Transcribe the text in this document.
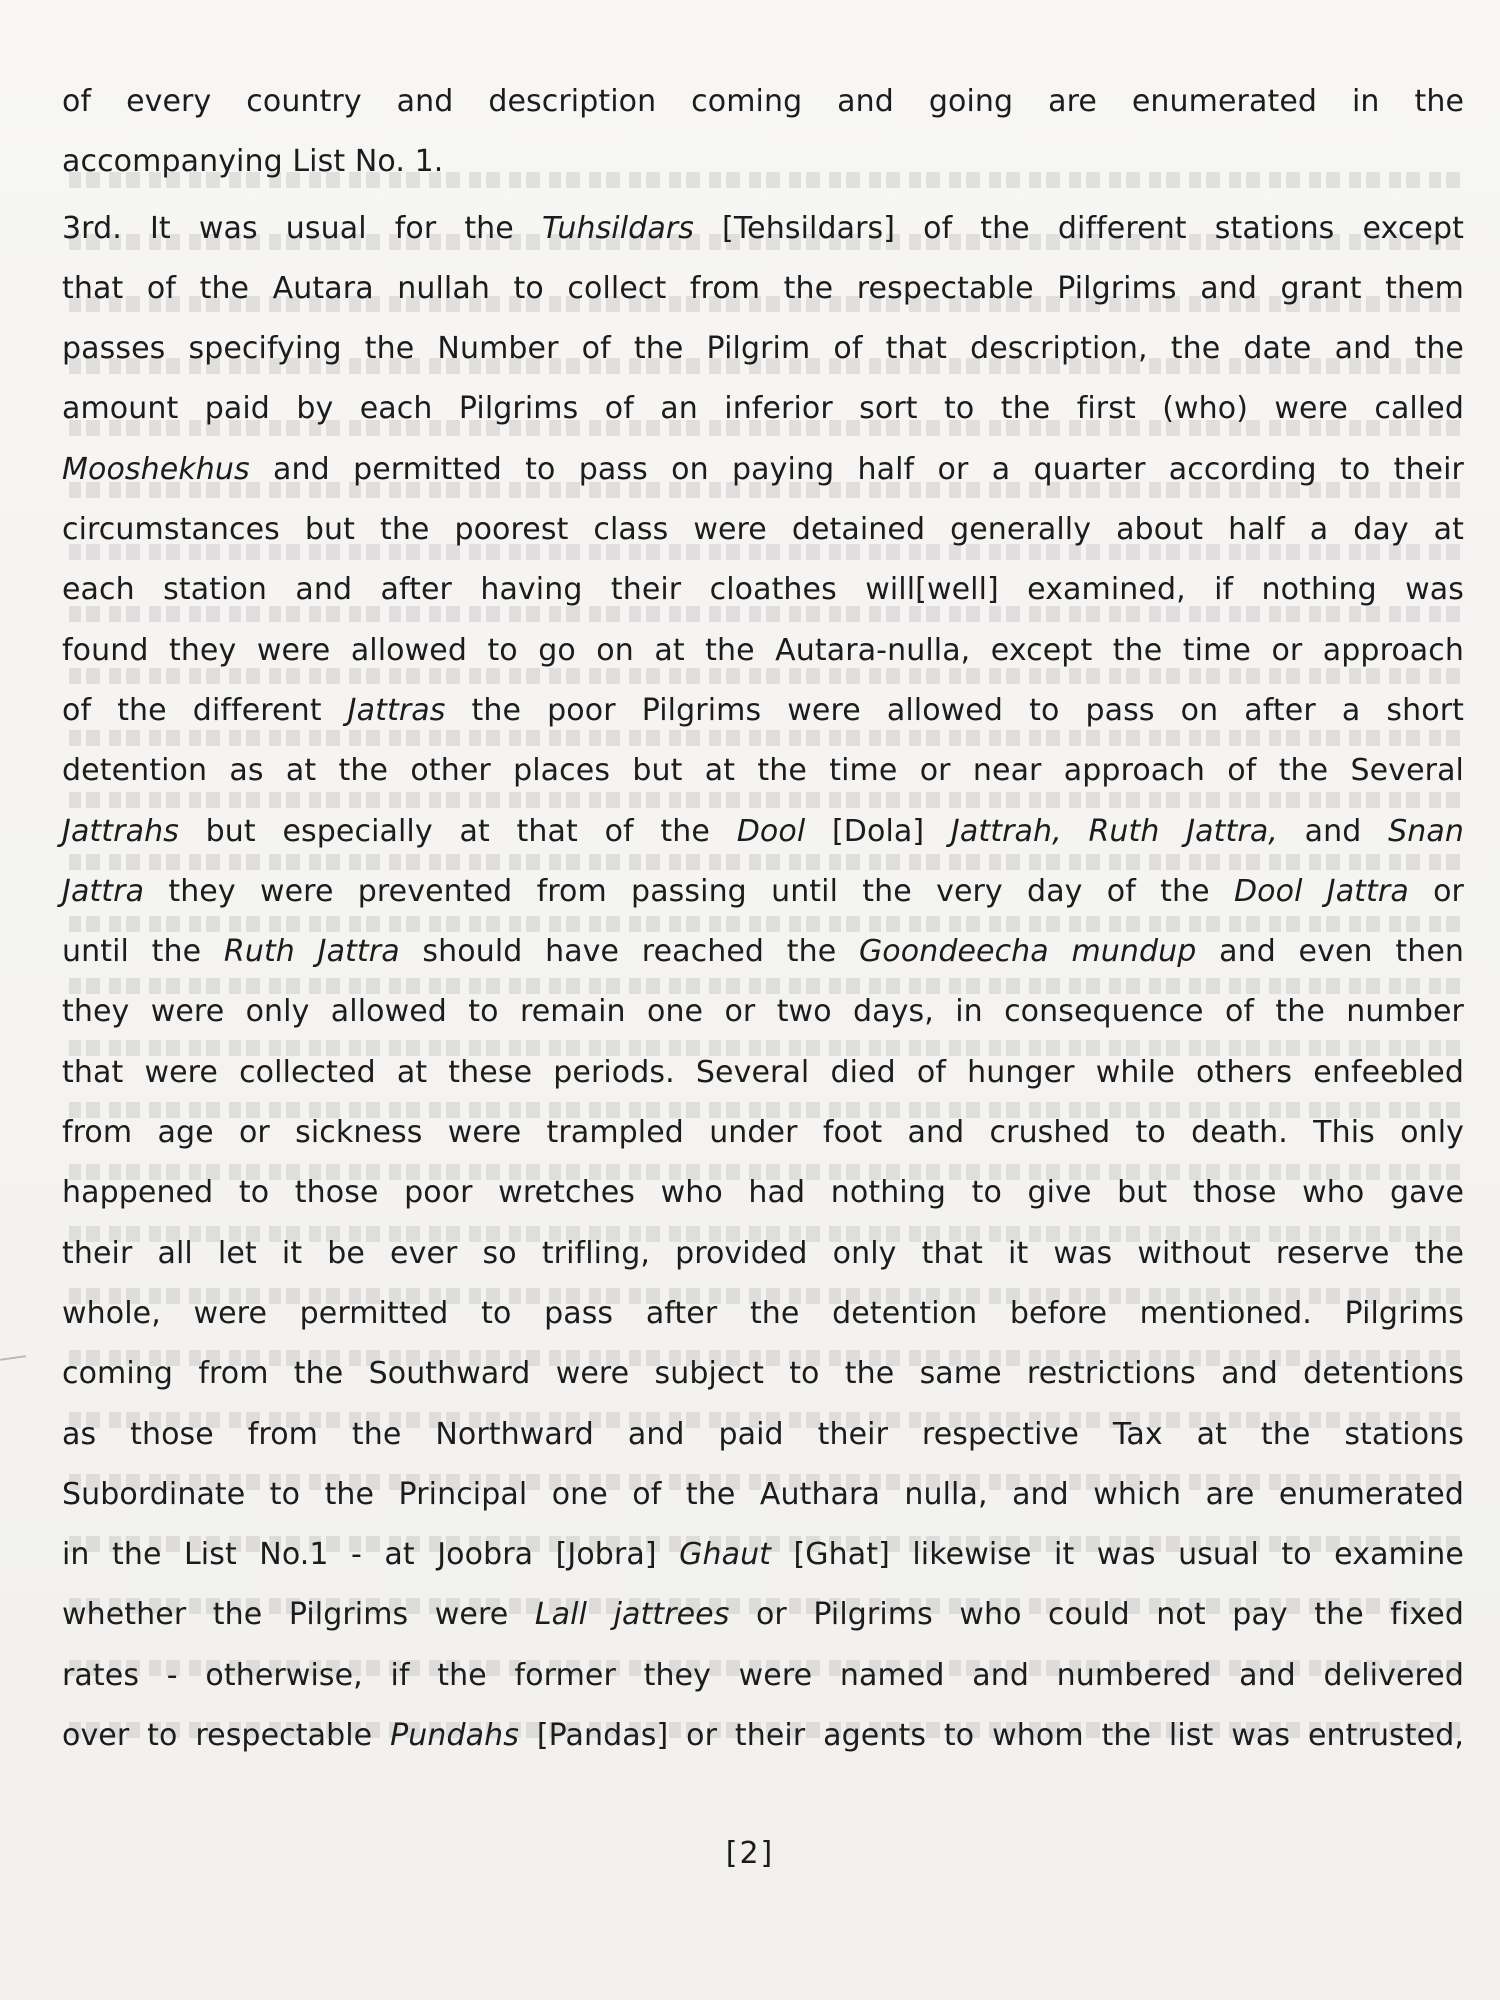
of every country and description coming and going are enumerated in the
accompanying List No. 1.
3rd. It was usual for the Tuhsildars [Tehsildars] of the different stations except
that of the Autara nullah to collect from the respectable Pilgrims and grant them
passes specifying the Number of the Pilgrim of that description, the date and the
amount paid by each Pilgrims of an inferior sort to the first (who) were called
Mooshekhus and permitted to pass on paying half or a quarter according to their
circumstances but the poorest class were detained generally about half a day at
each station and after having their cloathes will[well] examined, if nothing was
found they were allowed to go on at the Autara-nulla, except the time or approach
of the different Jattras the poor Pilgrims were allowed to pass on after a short
detention as at the other places but at the time or near approach of the Several
Jattrahs but especially at that of the Dool [Dola] Jattrah, Ruth Jattra, and Snan
Jattra they were prevented from passing until the very day of the Dool Jattra or
until the Ruth Jattra should have reached the Goondeecha mundup and even then
they were only allowed to remain one or two days, in consequence of the number
that were collected at these periods. Several died of hunger while others enfeebled
from age or sickness were trampled under foot and crushed to death. This only
happened to those poor wretches who had nothing to give but those who gave
their all let it be ever so trifling, provided only that it was without reserve the
whole, were permitted to pass after the detention before mentioned. Pilgrims
coming from the Southward were subject to the same restrictions and detentions
as those from the Northward and paid their respective Tax at the stations
Subordinate to the Principal one of the Authara nulla, and which are enumerated
in the List No.1 - at Joobra [Jobra] Ghaut [Ghat] likewise it was usual to examine
whether the Pilgrims were Lall jattrees or Pilgrims who could not pay the fixed
rates - otherwise, if the former they were named and numbered and delivered
over to respectable Pundahs [Pandas] or their agents to whom the list was entrusted,
[2]
